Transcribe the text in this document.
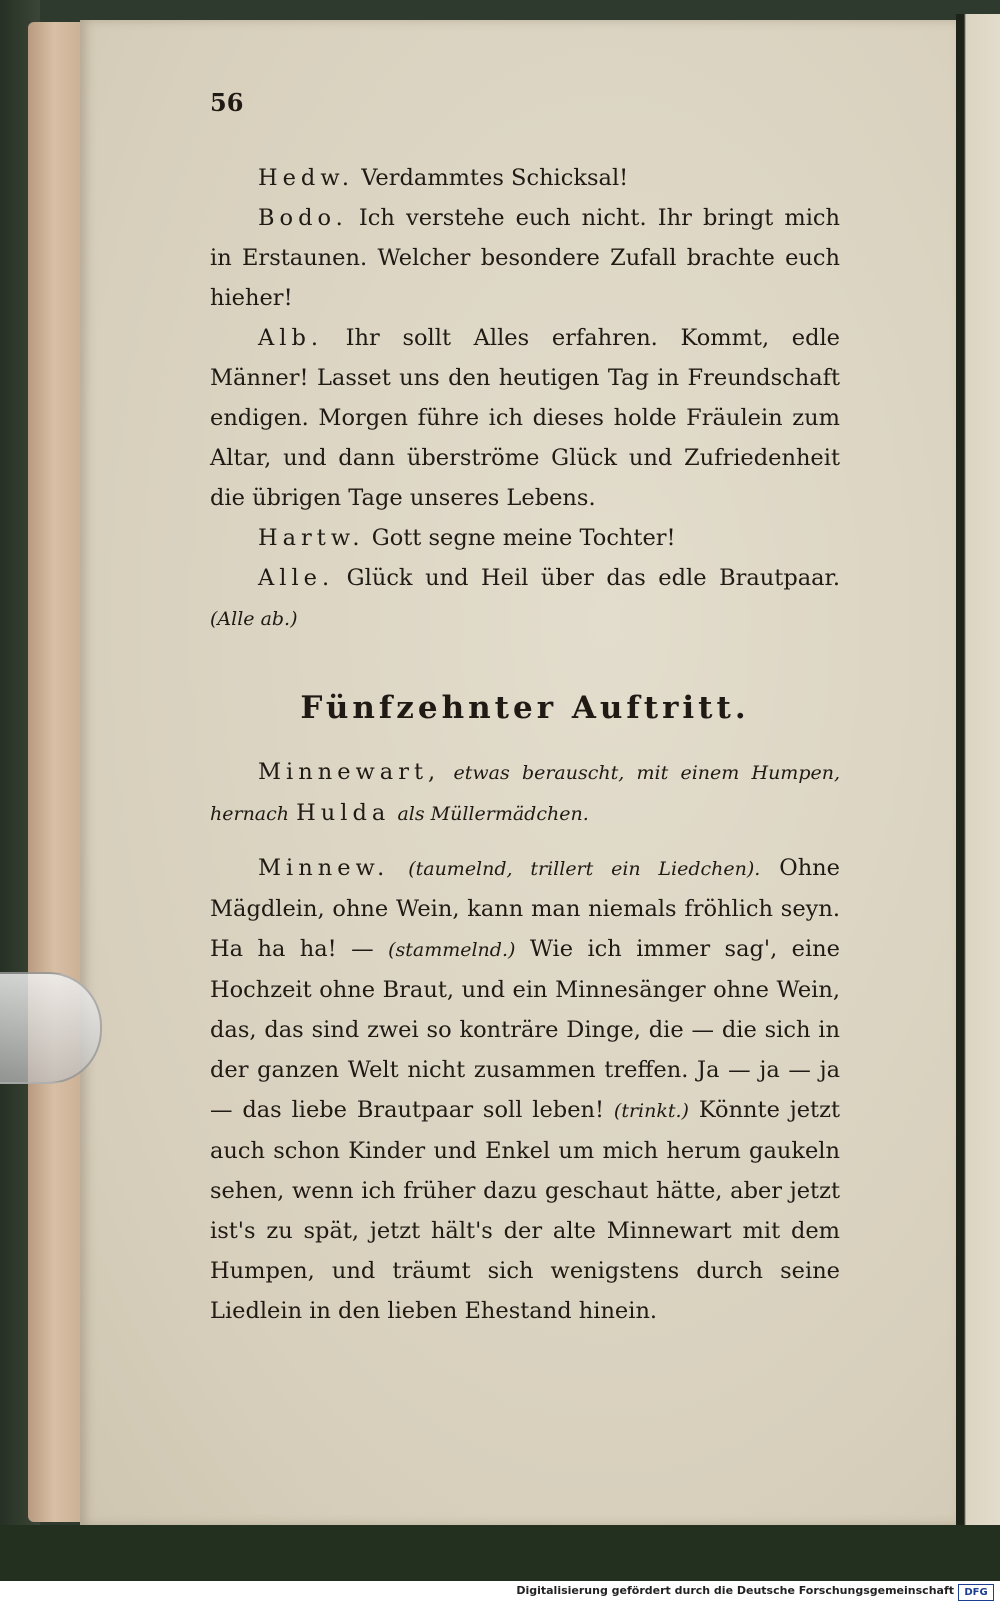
56

Hedw. Verdammtes Schicksal!

Bodo. Ich verstehe euch nicht. Ihr bringt mich in Erstaunen. Welcher besondere Zufall brachte euch hieher!

Alb. Ihr sollt Alles erfahren. Kommt, edle Männer! Lasset uns den heutigen Tag in Freundschaft endigen. Morgen führe ich dieses holde Fräulein zum Altar, und dann überströme Glück und Zufriedenheit die übrigen Tage unseres Lebens.

Hartw. Gott segne meine Tochter!

Alle. Glück und Heil über das edle Brautpaar. (Alle ab.)

Fünfzehnter Auftritt.

Minnewart, etwas berauscht, mit einem Humpen, hernach Hulda als Müllermädchen.

Minnew. (taumelnd, trillert ein Liedchen). Ohne Mägdlein, ohne Wein, kann man niemals fröhlich seyn. Ha ha ha! — (stammelnd.) Wie ich immer sag', eine Hochzeit ohne Braut, und ein Minnesänger ohne Wein, das, das sind zwei so konträre Dinge, die — die sich in der ganzen Welt nicht zusammen treffen. Ja — ja — ja — das liebe Brautpaar soll leben! (trinkt.) Könnte jetzt auch schon Kinder und Enkel um mich herum gaukeln sehen, wenn ich früher dazu geschaut hätte, aber jetzt ist's zu spät, jetzt hält's der alte Minnewart mit dem Humpen, und träumt sich wenigstens durch seine Liedlein in den lieben Ehestand hinein.

Digitalisierung gefördert durch die Deutsche Forschungsgemeinschaft	DFG
